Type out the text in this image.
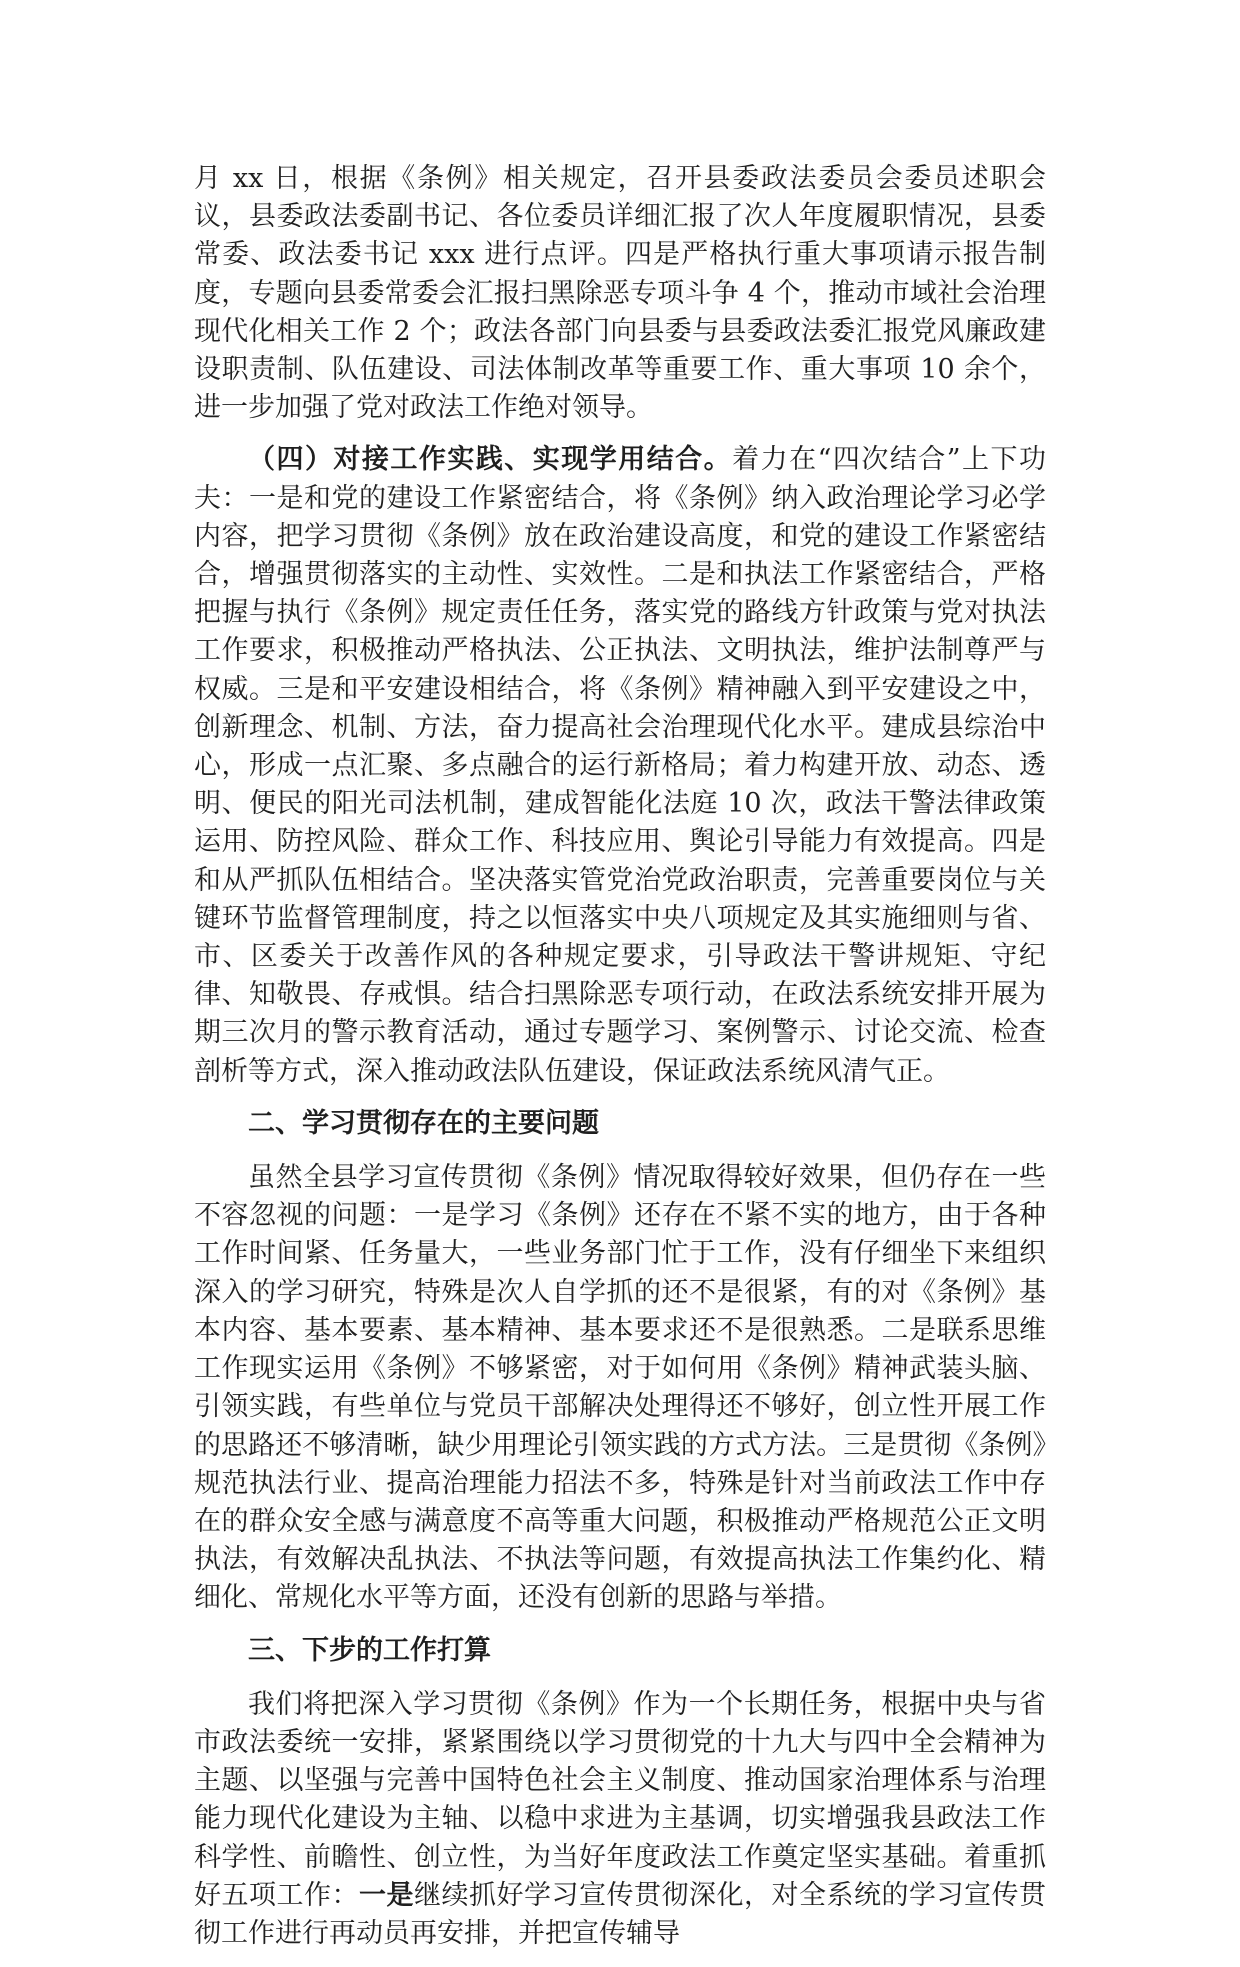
月 xx 日，根据《条例》相关规定，召开县委政法委员会委员述职会议，县委政法委副书记、各位委员详细汇报了次人年度履职情况，县委常委、政法委书记 xxx 进行点评。四是严格执行重大事项请示报告制度，专题向县委常委会汇报扫黑除恶专项斗争 4 个，推动市域社会治理现代化相关工作 2 个；政法各部门向县委与县委政法委汇报党风廉政建设职责制、队伍建设、司法体制改革等重要工作、重大事项 10 余个，进一步加强了党对政法工作绝对领导。

（四）对接工作实践、实现学用结合。着力在“四次结合”上下功夫：一是和党的建设工作紧密结合，将《条例》纳入政治理论学习必学内容，把学习贯彻《条例》放在政治建设高度，和党的建设工作紧密结合，增强贯彻落实的主动性、实效性。二是和执法工作紧密结合，严格把握与执行《条例》规定责任任务，落实党的路线方针政策与党对执法工作要求，积极推动严格执法、公正执法、文明执法，维护法制尊严与权威。三是和平安建设相结合，将《条例》精神融入到平安建设之中，创新理念、机制、方法，奋力提高社会治理现代化水平。建成县综治中心，形成一点汇聚、多点融合的运行新格局；着力构建开放、动态、透明、便民的阳光司法机制，建成智能化法庭 10 次，政法干警法律政策运用、防控风险、群众工作、科技应用、舆论引导能力有效提高。四是和从严抓队伍相结合。坚决落实管党治党政治职责，完善重要岗位与关键环节监督管理制度，持之以恒落实中央八项规定及其实施细则与省、市、区委关于改善作风的各种规定要求，引导政法干警讲规矩、守纪律、知敬畏、存戒惧。结合扫黑除恶专项行动，在政法系统安排开展为期三次月的警示教育活动，通过专题学习、案例警示、讨论交流、检查剖析等方式，深入推动政法队伍建设，保证政法系统风清气正。

二、学习贯彻存在的主要问题

虽然全县学习宣传贯彻《条例》情况取得较好效果，但仍存在一些不容忽视的问题：一是学习《条例》还存在不紧不实的地方，由于各种工作时间紧、任务量大，一些业务部门忙于工作，没有仔细坐下来组织深入的学习研究，特殊是次人自学抓的还不是很紧，有的对《条例》基本内容、基本要素、基本精神、基本要求还不是很熟悉。二是联系思维工作现实运用《条例》不够紧密，对于如何用《条例》精神武装头脑、引领实践，有些单位与党员干部解决处理得还不够好，创立性开展工作的思路还不够清晰，缺少用理论引领实践的方式方法。三是贯彻《条例》规范执法行业、提高治理能力招法不多，特殊是针对当前政法工作中存在的群众安全感与满意度不高等重大问题，积极推动严格规范公正文明执法，有效解决乱执法、不执法等问题，有效提高执法工作集约化、精细化、常规化水平等方面，还没有创新的思路与举措。

三、下步的工作打算

我们将把深入学习贯彻《条例》作为一个长期任务，根据中央与省市政法委统一安排，紧紧围绕以学习贯彻党的十九大与四中全会精神为主题、以坚强与完善中国特色社会主义制度、推动国家治理体系与治理能力现代化建设为主轴、以稳中求进为主基调，切实增强我县政法工作科学性、前瞻性、创立性，为当好年度政法工作奠定坚实基础。着重抓好五项工作：一是继续抓好学习宣传贯彻深化，对全系统的学习宣传贯彻工作进行再动员再安排，并把宣传辅导
